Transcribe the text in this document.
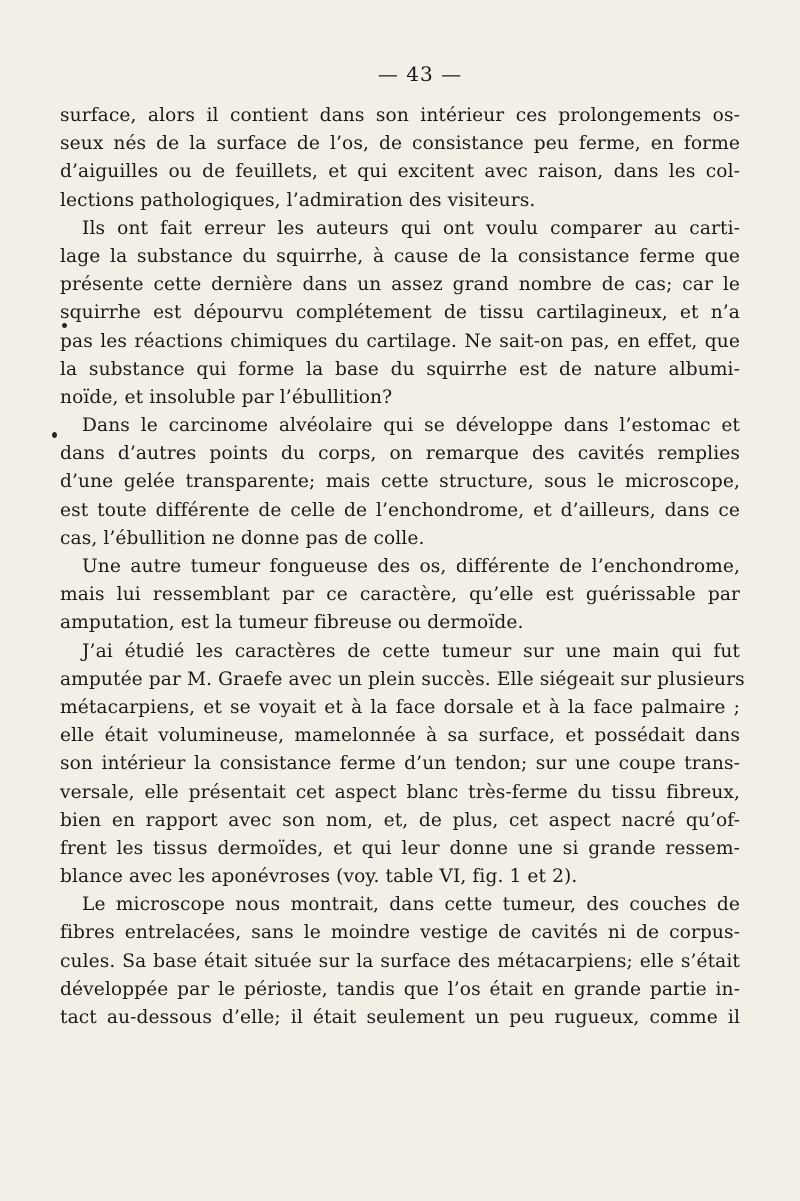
— 43 —
surface, alors il contient dans son intérieur ces prolongements os-
seux nés de la surface de l’os, de consistance peu ferme, en forme
d’aiguilles ou de feuillets, et qui excitent avec raison, dans les col-
lections pathologiques, l’admiration des visiteurs.
Ils ont fait erreur les auteurs qui ont voulu comparer au carti-
lage la substance du squirrhe, à cause de la consistance ferme que
présente cette dernière dans un assez grand nombre de cas; car le
squirrhe est dépourvu complétement de tissu cartilagineux, et n’a
pas les réactions chimiques du cartilage. Ne sait-on pas, en effet, que
la substance qui forme la base du squirrhe est de nature albumi-
noïde, et insoluble par l’ébullition?
Dans le carcinome alvéolaire qui se développe dans l’estomac et
dans d’autres points du corps, on remarque des cavités remplies
d’une gelée transparente; mais cette structure, sous le microscope,
est toute différente de celle de l’enchondrome, et d’ailleurs, dans ce
cas, l’ébullition ne donne pas de colle.
Une autre tumeur fongueuse des os, différente de l’enchondrome,
mais lui ressemblant par ce caractère, qu’elle est guérissable par
amputation, est la tumeur fibreuse ou dermoïde.
J’ai étudié les caractères de cette tumeur sur une main qui fut
amputée par M. Graefe avec un plein succès. Elle siégeait sur plusieurs
métacarpiens, et se voyait et à la face dorsale et à la face palmaire ;
elle était volumineuse, mamelonnée à sa surface, et possédait dans
son intérieur la consistance ferme d’un tendon; sur une coupe trans-
versale, elle présentait cet aspect blanc très-ferme du tissu fibreux,
bien en rapport avec son nom, et, de plus, cet aspect nacré qu’of-
frent les tissus dermoïdes, et qui leur donne une si grande ressem-
blance avec les aponévroses (voy. table VI, fig. 1 et 2).
Le microscope nous montrait, dans cette tumeur, des couches de
fibres entrelacées, sans le moindre vestige de cavités ni de corpus-
cules. Sa base était située sur la surface des métacarpiens; elle s’était
développée par le périoste, tandis que l’os était en grande partie in-
tact au-dessous d’elle; il était seulement un peu rugueux, comme il
